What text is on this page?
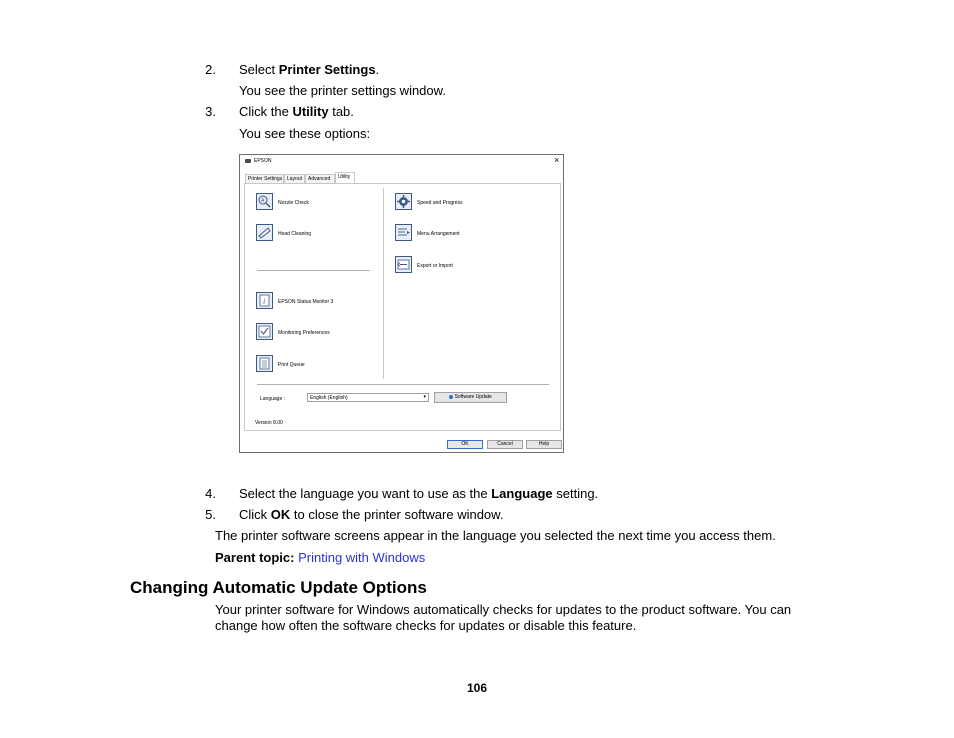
2. Select Printer Settings.
You see the printer settings window.
3. Click the Utility tab.
You see these options:
EPSON	×
Printer Settings Layout	Advanced	Utility
A	Nozzle Check
Head Cleaning
i	EPSON Status Monitor 3
Monitoring Preferences
Print Queue
Speed and Progress
Menu Arrangement
Export or Import
Language :	English (English)	▾	Software Update
Version 8.00
OK	Cancel	Help
4. Select the language you want to use as the Language setting.
5. Click OK to close the printer software window.
The printer software screens appear in the language you selected the next time you access them.
Parent topic: Printing with Windows
Changing Automatic Update Options
Your printer software for Windows automatically checks for updates to the product software. You can
change how often the software checks for updates or disable this feature.
106
